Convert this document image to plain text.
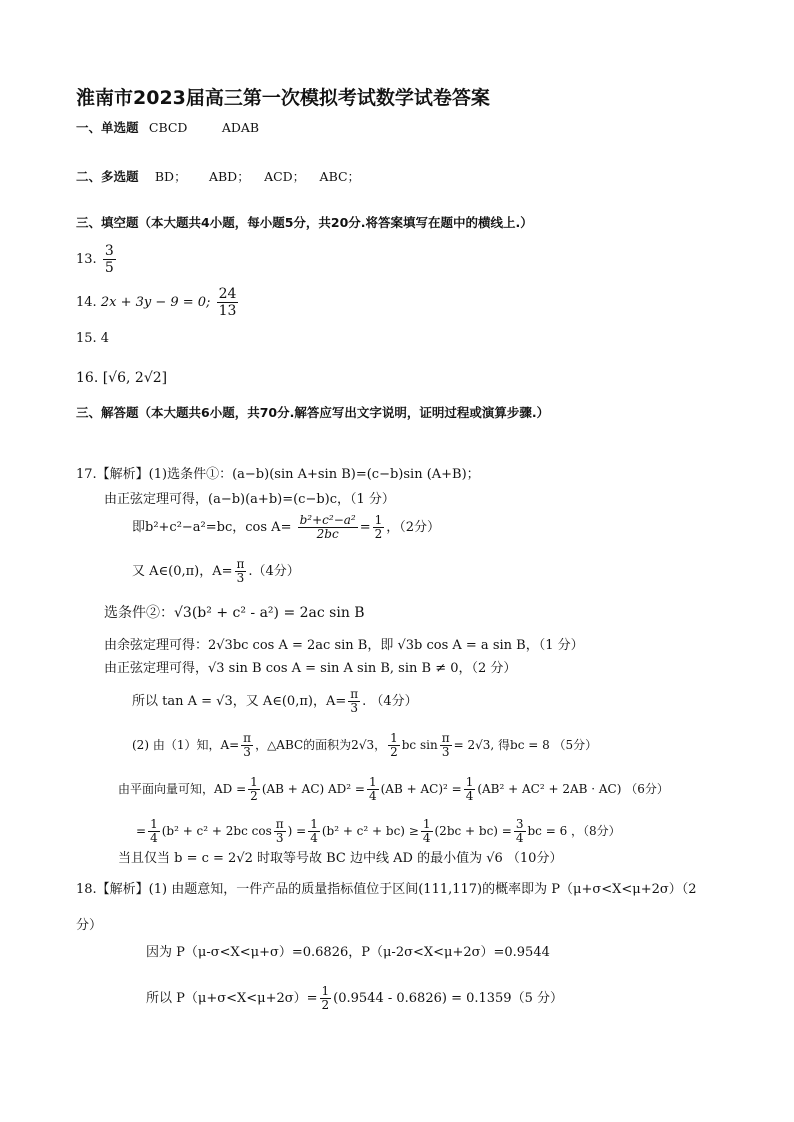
淮南市2023届高三第一次模拟考试数学试卷答案
一、单选题 CBCD	ADAB
二、多选题 BD； ABD； ACD； ABC；
三、填空题（本大题共4小题，每小题5分，共20分.将答案填写在题中的横线上.）
13. $\frac{3}{5}$
14. 2x + 3y − 9 = 0; $\frac{24}{13}$
15. 4
16. [√6, 2√2]
三、解答题（本大题共6小题，共70分.解答应写出文字说明，证明过程或演算步骤.）
17.【解析】(1)选条件①：(a−b)(sin A+sin B)=(c−b)sin (A+B)；
由正弦定理可得，(a−b)(a+b)=(c−b)c，（1 分）
即b²+c²−a²=bc，$\cos A= \frac{\text{b²+c²−a²}}{2bc} = \frac{1}{2}$ ，（2分）
又 A∈(0,π)，$A= \frac{\pi}{3} .(4$分）
选条件②：√3(b² + c² - a²) = 2ac sin B
由余弦定理可得：2√3bc cos A = 2ac sin B，即 √3b cos A = a sin B，（1 分）
由正弦定理可得，√3 sin B cos A = sin A sin B, sin B ≠ 0，（2 分）
所以 tan A = √3，又 A∈(0,π)，$A= \frac{\pi}{3}$ . （4分）
(2) 由（1）知，$A= \frac{\pi}{3}$ ，△ABC的面积为2√3， $\frac{1}{2}$ bc $\sin \frac{\pi}{3} = 2√3$, 得bc = 8 （5分）
由平面向量可知，AD = $\frac{1}{2} (AB + AC) AD^2 = \frac{1}{4} (AB + AC)^2 = \frac{1}{4} (AB^2 + AC^2 + 2AB \cdot AC)$ （6分）
= $\frac{1}{4} (b^2 + c^2 + 2bc$ $\cos \frac{\pi}{3}$ ) = $\frac{1}{4} (b^2 + c^2 + bc) \ge \frac{1}{4} (2bc + bc) = \frac{3}{4}$ bc = 6 ，（8分）
当且仅当 b = c = 2√2 时取等号故 BC 边中线 AD 的最小值为 √6 （10分）
18.【解析】(1) 由题意知，一件产品的质量指标值位于区间(111,117)的概率即为 P（μ+σ<X<μ+2σ）（2
分）
因为 P（μ-σ<X<μ+σ）=0.6826，P（μ-2σ<X<μ+2σ）=0.9544
所以 $P(\mu+\sigma<X<\mu+2\sigma)= \frac{1}{2} (0.9544 - 0.6826) = 0.1359(5$ 分）
